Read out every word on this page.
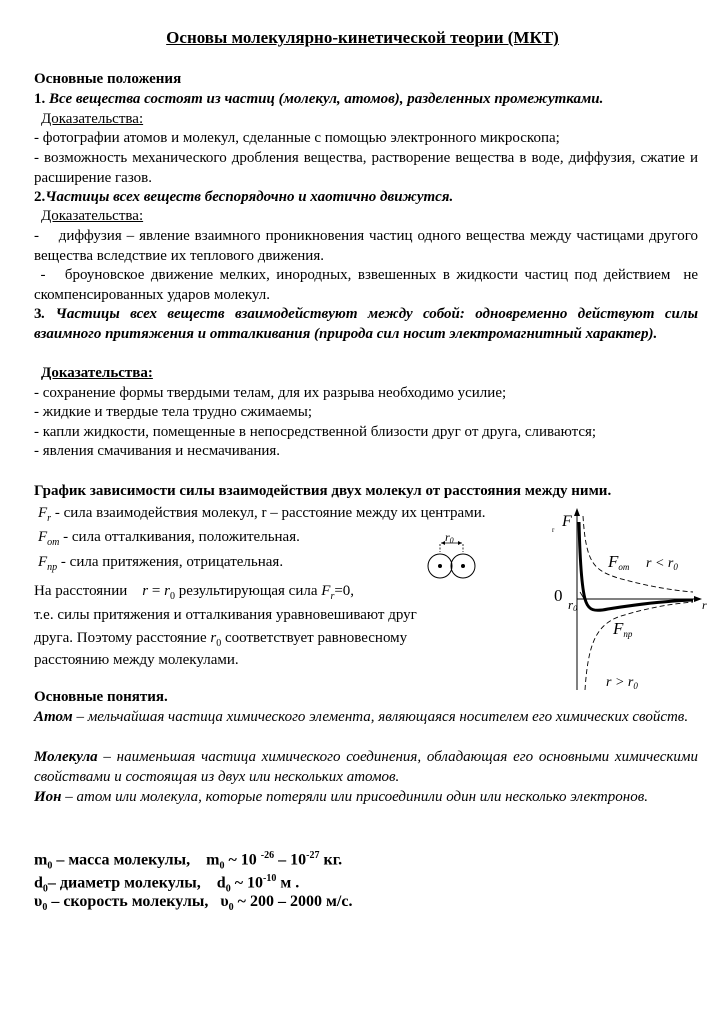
Основы молекулярно-кинетической теории (МКТ)
Основные положения
1. Все вещества состоят из частиц (молекул, атомов), разделенных промежутками.
Доказательства:
- фотографии атомов и молекул, сделанные с помощью электронного микроскопа;
- возможность механического дробления вещества, растворение вещества в воде, диффузия, сжатие и расширение газов.
2.Частицы всех веществ беспорядочно и хаотично движутся.
Доказательства:
-    диффузия – явление взаимного проникновения частиц одного вещества между частицами другого вещества вследствие их теплового движения.
-   броуновское движение мелких, инородных, взвешенных в жидкости частиц под действием  не скомпенсированных ударов молекул.
3. Частицы всех веществ взаимодействуют между собой: одновременно действуют силы взаимного притяжения и отталкивания (природа сил носит электромагнитный характер).
Доказательства:
- сохранение формы твердыми телам, для их разрыва необходимо усилие;
- жидкие и твердые тела трудно сжимаемы;
- капли жидкости, помещенные в непосредственной близости друг от друга, сливаются;
- явления смачивания и несмачивания.
График зависимости силы взаимодействия двух молекул от расстояния между ними.
$F_r$ - сила взаимодействия молекул, r – расстояние между их центрами.
$F_{от}$ - сила отталкивания, положительная.
$F_{пр}$ - сила притяжения, отрицательная.
На расстоянии    $r = r_0$ результирующая сила $F_r=0$,
т.е. силы притяжения и отталкивания уравновешивают друг
друга. Поэтому расстояние $r_0$ соответствует равновесному
расстоянию между молекулами.
r0
F
r
r
0 r0
Fот $r < r_0$
Fпр
$r > r_0$
Основные понятия.
Атом – мельчайшая частица химического элемента, являющаяся носителем его химических свойств.
Молекула – наименьшая частица химического соединения, обладающая его основными химическими свойствами и состоящая из двух или нескольких атомов.
Ион – атом или молекула, которые потеряли или присоединили один или несколько электронов.
$m_0$ – масса молекулы,    $m_0$ ~ 10 $^{-26} - 10^{-27}$ кг.
$d_0-$ диаметр молекулы,    $d_0$ ~ $10^{-10}$ м .
$\upsilon_0$ – скорость молекулы,   $\upsilon_0$ ~ 200 – 2000 м/с.
